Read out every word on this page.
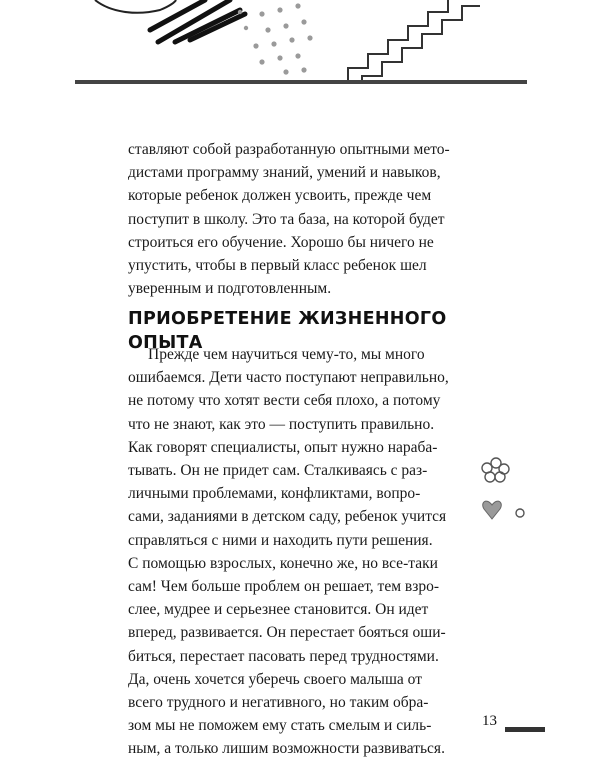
ставляют собой разработанную опытными мето-
дистами программу знаний, умений и навыков,
которые ребенок должен усвоить, прежде чем
поступит в школу. Это та база, на которой будет
строиться его обучение. Хорошо бы ничего не
упустить, чтобы в первый класс ребенок шел
уверенным и подготовленным.
ПРИОБРЕТЕНИЕ ЖИЗНЕННОГО ОПЫТА
Прежде чем научиться чему-то, мы много
ошибаемся. Дети часто поступают неправильно,
не потому что хотят вести себя плохо, а потому
что не знают, как это — поступить правильно.
Как говорят специалисты, опыт нужно нараба-
тывать. Он не придет сам. Сталкиваясь с раз-
личными проблемами, конфликтами, вопро-
сами, заданиями в детском саду, ребенок учится
справляться с ними и находить пути решения.
С помощью взрослых, конечно же, но все-таки
сам! Чем больше проблем он решает, тем взро-
слее, мудрее и серьезнее становится. Он идет
вперед, развивается. Он перестает бояться оши-
биться, перестает пасовать перед трудностями.
Да, очень хочется уберечь своего малыша от
всего трудного и негативного, но таким обра-
зом мы не поможем ему стать смелым и силь-
ным, а только лишим возможности развиваться.
13
